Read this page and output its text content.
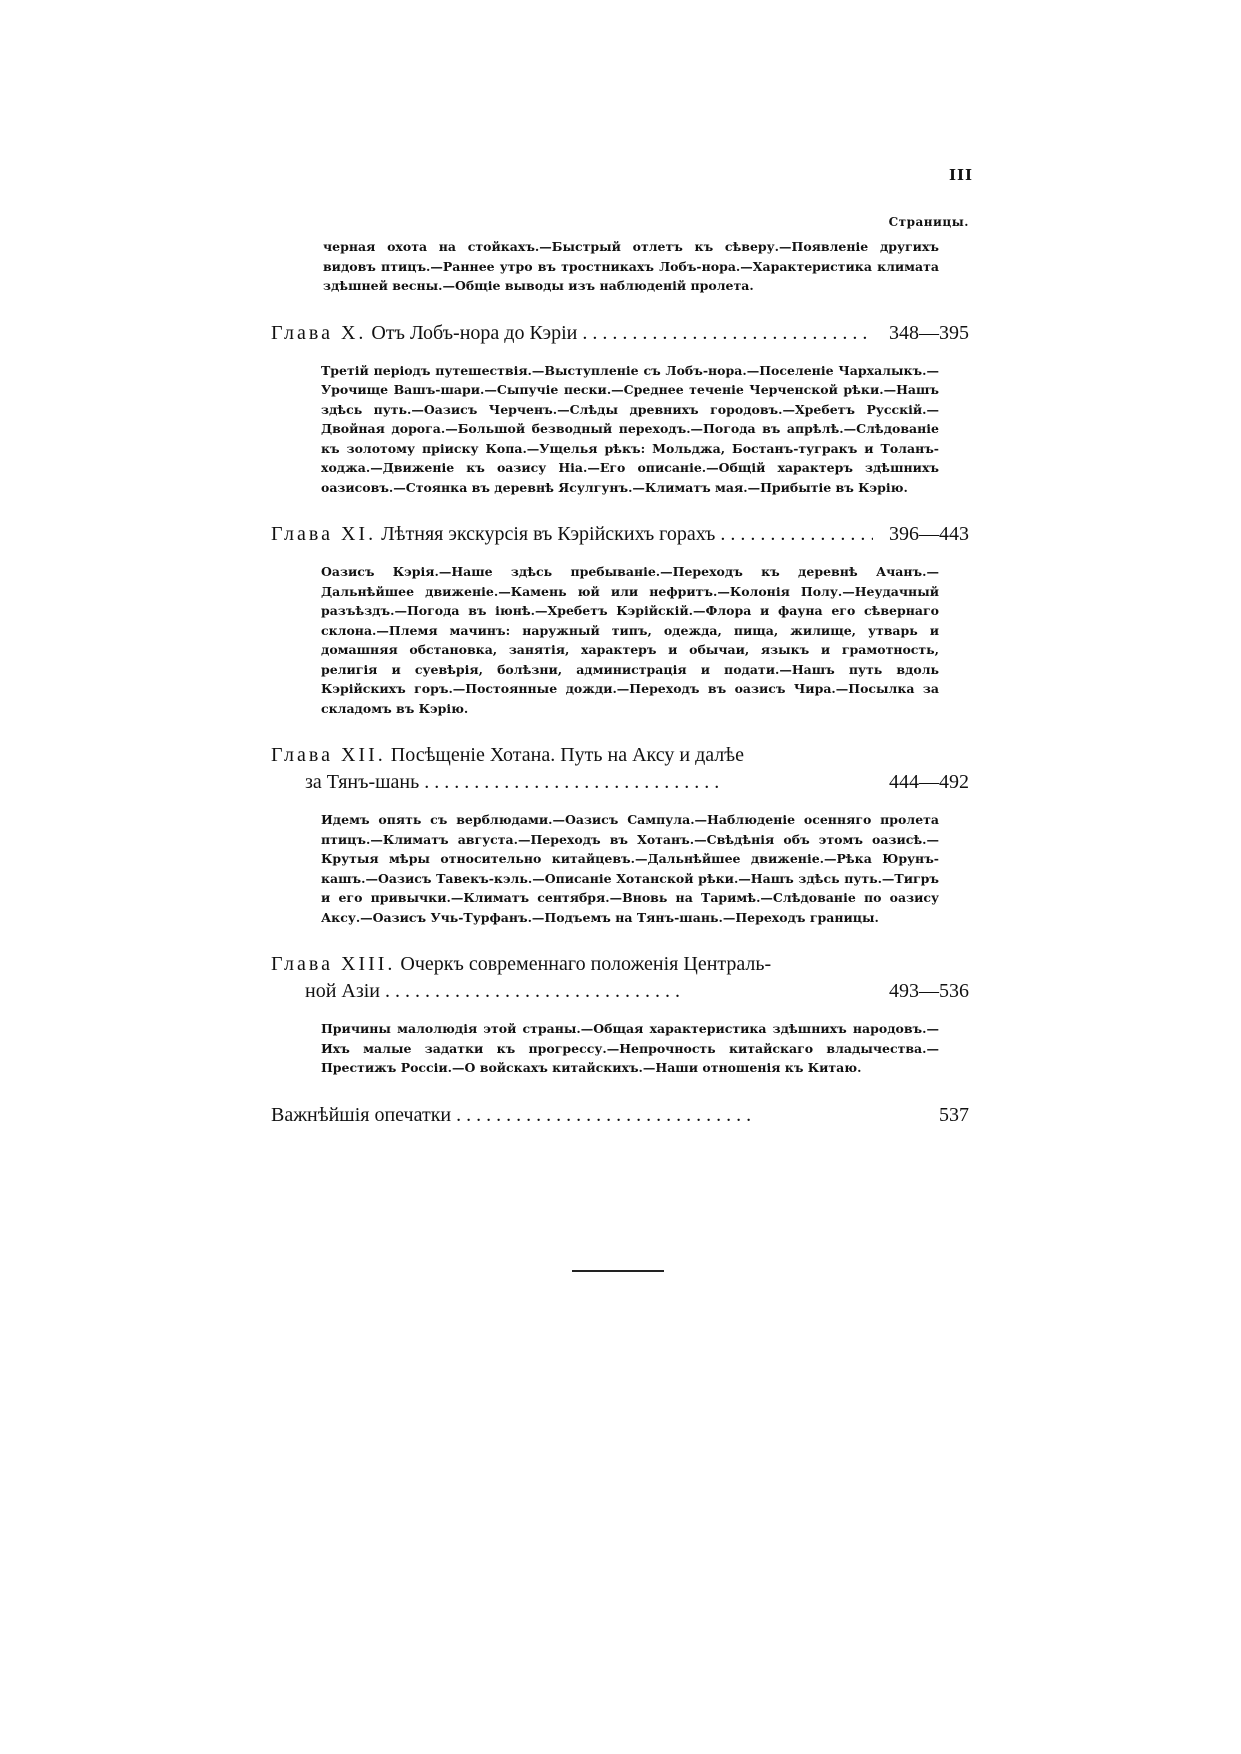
III
Страницы.
черная охота на стойкахъ.—Быстрый отлетъ къ сѣверу.—Появленіе другихъ видовъ птицъ.—Раннее утро въ тростникахъ Лобъ-нора.—Характеристика климата здѣшней весны.—Общіе выводы изъ наблюденій пролета.
Глава X. Отъ Лобъ-нора до Кэріи . .	348—395
Третій періодъ путешествія.—Выступленіе съ Лобъ-нора.—Поселеніе Чархалыкъ.—Урочище Вашъ-шари.—Сыпучіе пески.—Среднее теченіе Черченской рѣки.—Нашъ здѣсь путь.—Оазисъ Черченъ.—Слѣды древнихъ городовъ.—Хребетъ Русскій.—Двойная дорога.—Большой безводный переходъ.—Погода въ апрѣлѣ.—Слѣдованіе къ золотому пріиску Копа.—Ущелья рѣкъ: Мольджа, Бостанъ-тугракъ и Толанъ-ходжа.—Движеніе къ оазису Ніа.—Его описаніе.—Общій характеръ здѣшнихъ оазисовъ.—Стоянка въ деревнѣ Ясулгунъ.—Климатъ мая.—Прибытіе въ Кэрію.
Глава XI. Лѣтняя экскурсія въ Кэрійскихъ горахъ . .	396—443
Оазисъ Кэрія.—Наше здѣсь пребываніе.—Переходъ къ деревнѣ Ачанъ.—Дальнѣйшее движеніе.—Камень юй или нефритъ.—Колонія Полу.—Неудачный разъѣздъ.—Погода въ іюнѣ.—Хребетъ Кэрійскій.—Флора и фауна его сѣвернаго склона.—Племя мачинъ: наружный типъ, одежда, пища, жилище, утварь и домашняя обстановка, занятія, характеръ и обычаи, языкъ и грамотность, религія и суевѣрія, болѣзни, администрація и подати.—Нашъ путь вдоль Кэрійскихъ горъ.—Постоянные дожди.—Переходъ въ оазисъ Чира.—Посылка за складомъ въ Кэрію.
Глава XII. Посѣщеніе Хотана. Путь на Аксу и далѣе
за Тянъ-шань . .	444—492
Идемъ опять съ верблюдами.—Оазисъ Сампула.—Наблюденіе осенняго пролета птицъ.—Климатъ августа.—Переходъ въ Хотанъ.—Свѣдѣнія объ этомъ оазисѣ.—Крутыя мѣры относительно китайцевъ.—Дальнѣйшее движеніе.—Рѣка Юрунъ-кашъ.—Оазисъ Тавекъ-кэль.—Описаніе Хотанской рѣки.—Нашъ здѣсь путь.—Тигръ и его привычки.—Климатъ сентября.—Вновь на Таримѣ.—Слѣдованіе по оазису Аксу.—Оазисъ Учь-Турфанъ.—Подъемъ на Тянъ-шань.—Переходъ границы.
Глава XIII. Очеркъ современнаго положенія Централь-
ной Азіи . .	493—536
Причины малолюдія этой страны.—Общая характеристика здѣшнихъ народовъ.—Ихъ малые задатки къ прогрессу.—Непрочность китайскаго владычества.—Престижъ Россіи.—О войскахъ китайскихъ.—Наши отношенія къ Китаю.
Важнѣйшія опечатки . .	537
